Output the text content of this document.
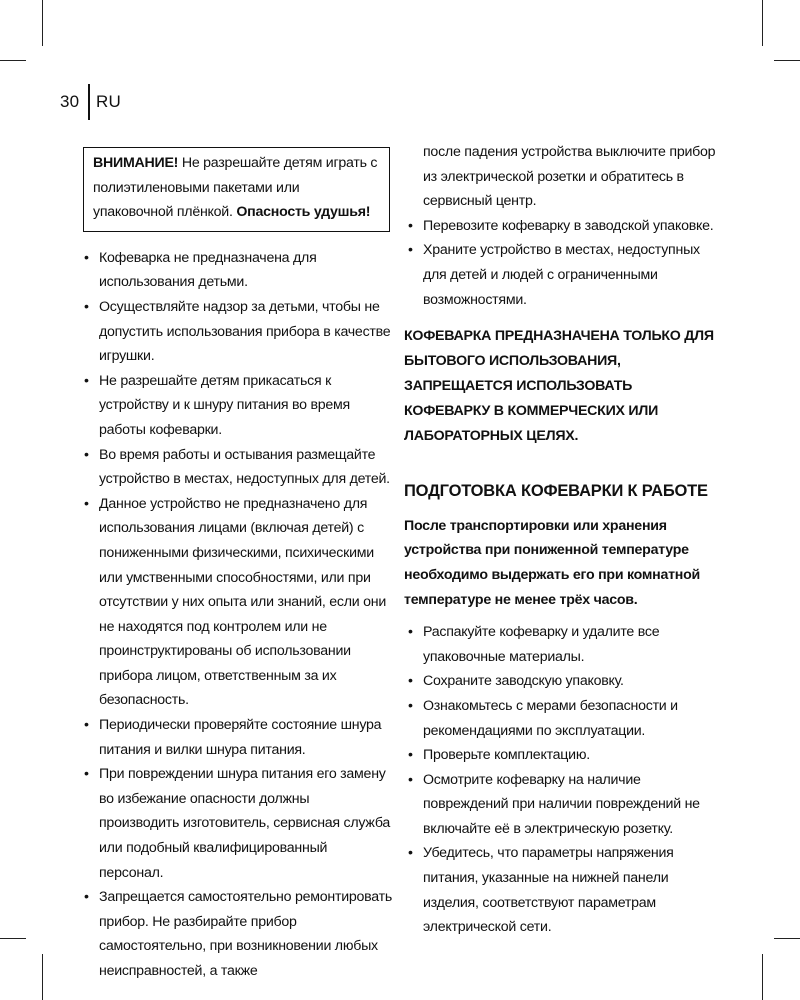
30 RU
ВНИМАНИЕ! Не разрешайте детям играть с полиэтиленовыми пакетами или упаковочной плёнкой. Опасность удушья!
• Кофеварка не предназначена для использования детьми.
• Осуществляйте надзор за детьми, чтобы не допустить использования прибора в качестве игрушки.
• Не разрешайте детям прикасаться к устройству и к шнуру питания во время работы кофеварки.
• Во время работы и остывания размещайте устройство в местах, недоступных для детей.
• Данное устройство не предназначено для использования лицами (включая детей) с пониженными физическими, психическими или умственными способностями, или при отсутствии у них опыта или знаний, если они не находятся под контролем или не проинструктированы об использовании прибора лицом, ответственным за их безопасность.
• Периодически проверяйте состояние шнура питания и вилки шнура питания.
• При повреждении шнура питания его замену во избежание опасности должны производить изготовитель, сервисная служба или подобный квалифицированный персонал.
• Запрещается самостоятельно ремонтировать прибор. Не разбирайте прибор самостоятельно, при возникновении любых неисправностей, а также
после падения устройства выключите прибор из электрической розетки и обратитесь в сервисный центр.
• Перевозите кофеварку в заводской упаковке.
• Храните устройство в местах, недоступных для детей и людей с ограниченными возможностями.
КОФЕВАРКА ПРЕДНАЗНАЧЕНА ТОЛЬКО ДЛЯ БЫТОВОГО ИСПОЛЬЗОВАНИЯ, ЗАПРЕЩАЕТСЯ ИСПОЛЬЗОВАТЬ КОФЕВАРКУ В КОММЕРЧЕСКИХ ИЛИ ЛАБОРАТОРНЫХ ЦЕЛЯХ.
ПОДГОТОВКА КОФЕВАРКИ К РАБОТЕ
После транспортировки или хранения устройства при пониженной температуре необходимо выдержать его при комнатной температуре не менее трёх часов.
• Распакуйте кофеварку и удалите все упаковочные материалы.
• Сохраните заводскую упаковку.
• Ознакомьтесь с мерами безопасности и рекомендациями по эксплуатации.
• Проверьте комплектацию.
• Осмотрите кофеварку на наличие повреждений при наличии повреждений не включайте её в электрическую розетку.
• Убедитесь, что параметры напряжения питания, указанные на нижней панели изделия, соответствуют параметрам электрической сети.
